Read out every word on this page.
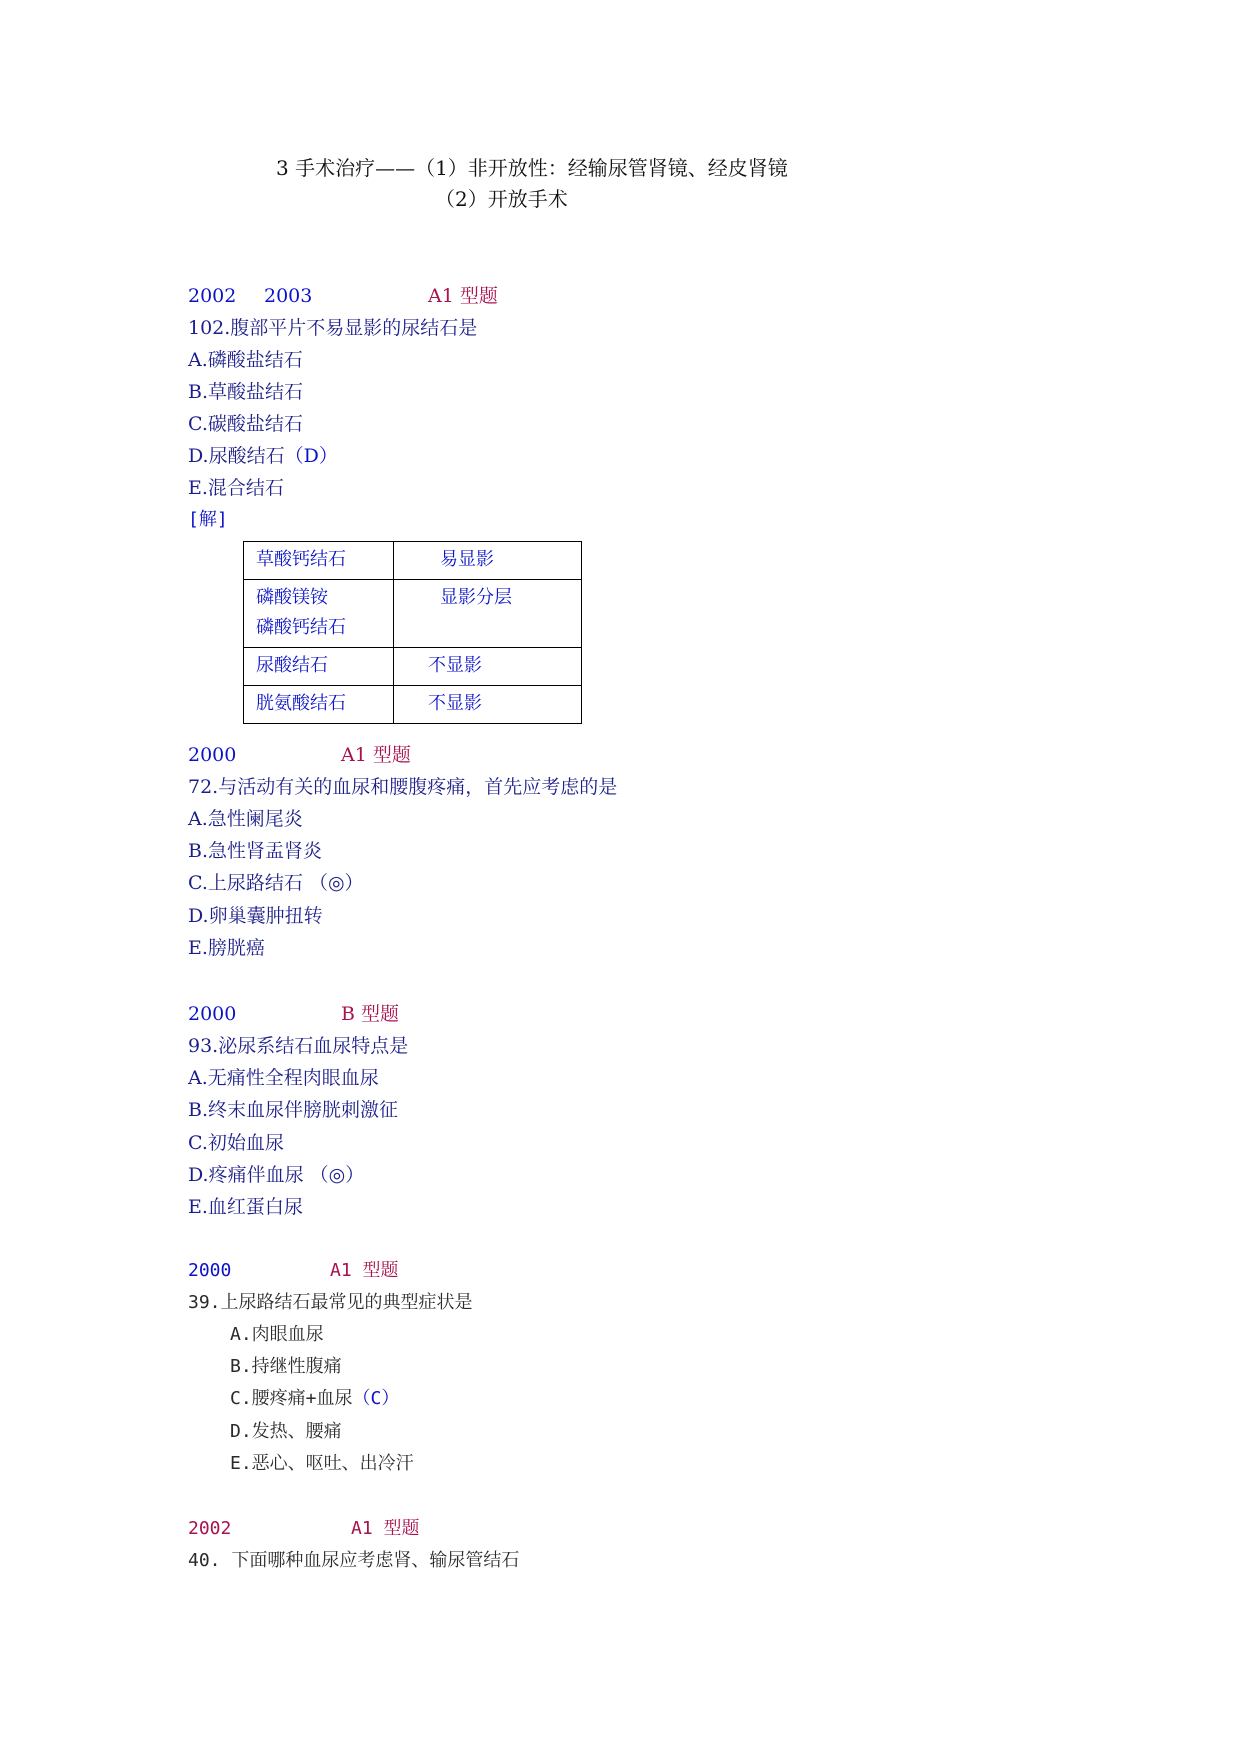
3 手术治疗——（1）非开放性：经输尿管肾镜、经皮肾镜
（2）开放手术
2002 2003	A1 型题
102.腹部平片不易显影的尿结石是
A.磷酸盐结石
B.草酸盐结石
C.碳酸盐结石
D.尿酸结石（D）
E.混合结石
[解]
草酸钙结石	易显影

磷酸镁铵
磷酸钙结石	显影分层
尿酸结石	不显影
胱氨酸结石	不显影
2000	A1 型题
72.与活动有关的血尿和腰腹疼痛，首先应考虑的是
A.急性阑尾炎
B.急性肾盂肾炎
C.上尿路结石 （◎）
D.卵巢囊肿扭转
E.膀胱癌
2000	B 型题
93.泌尿系结石血尿特点是
A.无痛性全程肉眼血尿
B.终末血尿伴膀胱刺激征
C.初始血尿
D.疼痛伴血尿 （◎）
E.血红蛋白尿
2000	A1 型题
39.上尿路结石最常见的典型症状是
A.肉眼血尿
B.持继性腹痛
C.腰疼痛+血尿（C）
D.发热、腰痛
E.恶心、呕吐、出冷汗
2002	A1 型题
40. 下面哪种血尿应考虑肾、输尿管结石
